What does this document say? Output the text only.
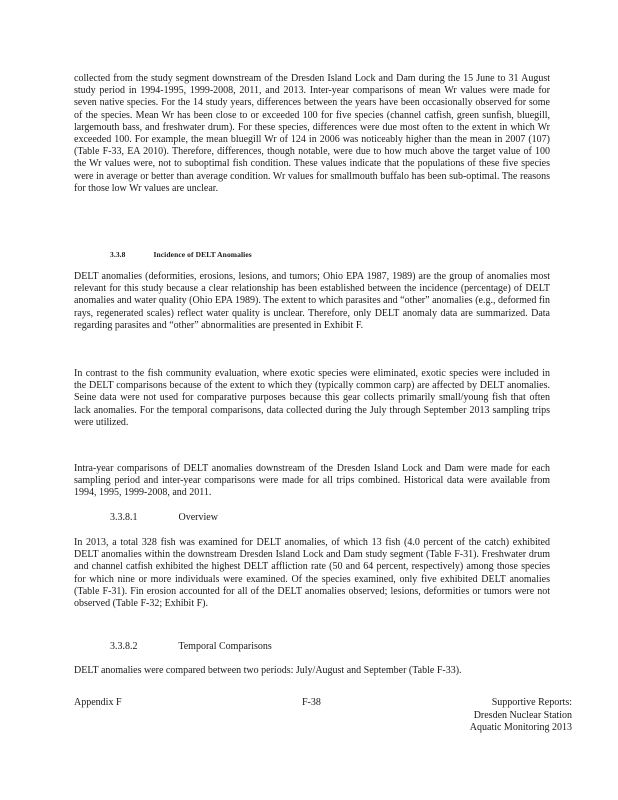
collected from the study segment downstream of the Dresden Island Lock and Dam during the 15 June to 31 August study period in 1994-1995, 1999-2008, 2011, and 2013. Inter-year comparisons of mean Wr values were made for seven native species. For the 14 study years, differences between the years have been occasionally observed for some of the species. Mean Wr has been close to or exceeded 100 for five species (channel catfish, green sunfish, bluegill, largemouth bass, and freshwater drum). For these species, differences were due most often to the extent in which Wr exceeded 100. For example, the mean bluegill Wr of 124 in 2006 was noticeably higher than the mean in 2007 (107) (Table F-33, EA 2010). Therefore, differences, though notable, were due to how much above the target value of 100 the Wr values were, not to suboptimal fish condition. These values indicate that the populations of these five species were in average or better than average condition. Wr values for smallmouth buffalo has been sub-optimal. The reasons for those low Wr values are unclear.

3.3.8	Incidence of DELT Anomalies

DELT anomalies (deformities, erosions, lesions, and tumors; Ohio EPA 1987, 1989) are the group of anomalies most relevant for this study because a clear relationship has been established between the incidence (percentage) of DELT anomalies and water quality (Ohio EPA 1989). The extent to which parasites and “other” anomalies (e.g., deformed fin rays, regenerated scales) reflect water quality is unclear. Therefore, only DELT anomaly data are summarized. Data regarding parasites and “other” abnormalities are presented in Exhibit F.

In contrast to the fish community evaluation, where exotic species were eliminated, exotic species were included in the DELT comparisons because of the extent to which they (typically common carp) are affected by DELT anomalies. Seine data were not used for comparative purposes because this gear collects primarily small/young fish that often lack anomalies. For the temporal comparisons, data collected during the July through September 2013 sampling trips were utilized.

Intra-year comparisons of DELT anomalies downstream of the Dresden Island Lock and Dam were made for each sampling period and inter-year comparisons were made for all trips combined. Historical data were available from 1994, 1995, 1999-2008, and 2011.

3.3.8.1	Overview

In 2013, a total 328 fish was examined for DELT anomalies, of which 13 fish (4.0 percent of the catch) exhibited DELT anomalies within the downstream Dresden Island Lock and Dam study segment (Table F-31). Freshwater drum and channel catfish exhibited the highest DELT affliction rate (50 and 64 percent, respectively) among those species for which nine or more individuals were examined. Of the species examined, only five exhibited DELT anomalies (Table F-31). Fin erosion accounted for all of the DELT anomalies observed; lesions, deformities or tumors were not observed (Table F-32; Exhibit F).

3.3.8.2	Temporal Comparisons

DELT anomalies were compared between two periods: July/August and September (Table F-33).

Appendix F	F-38	Supportive Reports:
Dresden Nuclear Station
Aquatic Monitoring 2013
